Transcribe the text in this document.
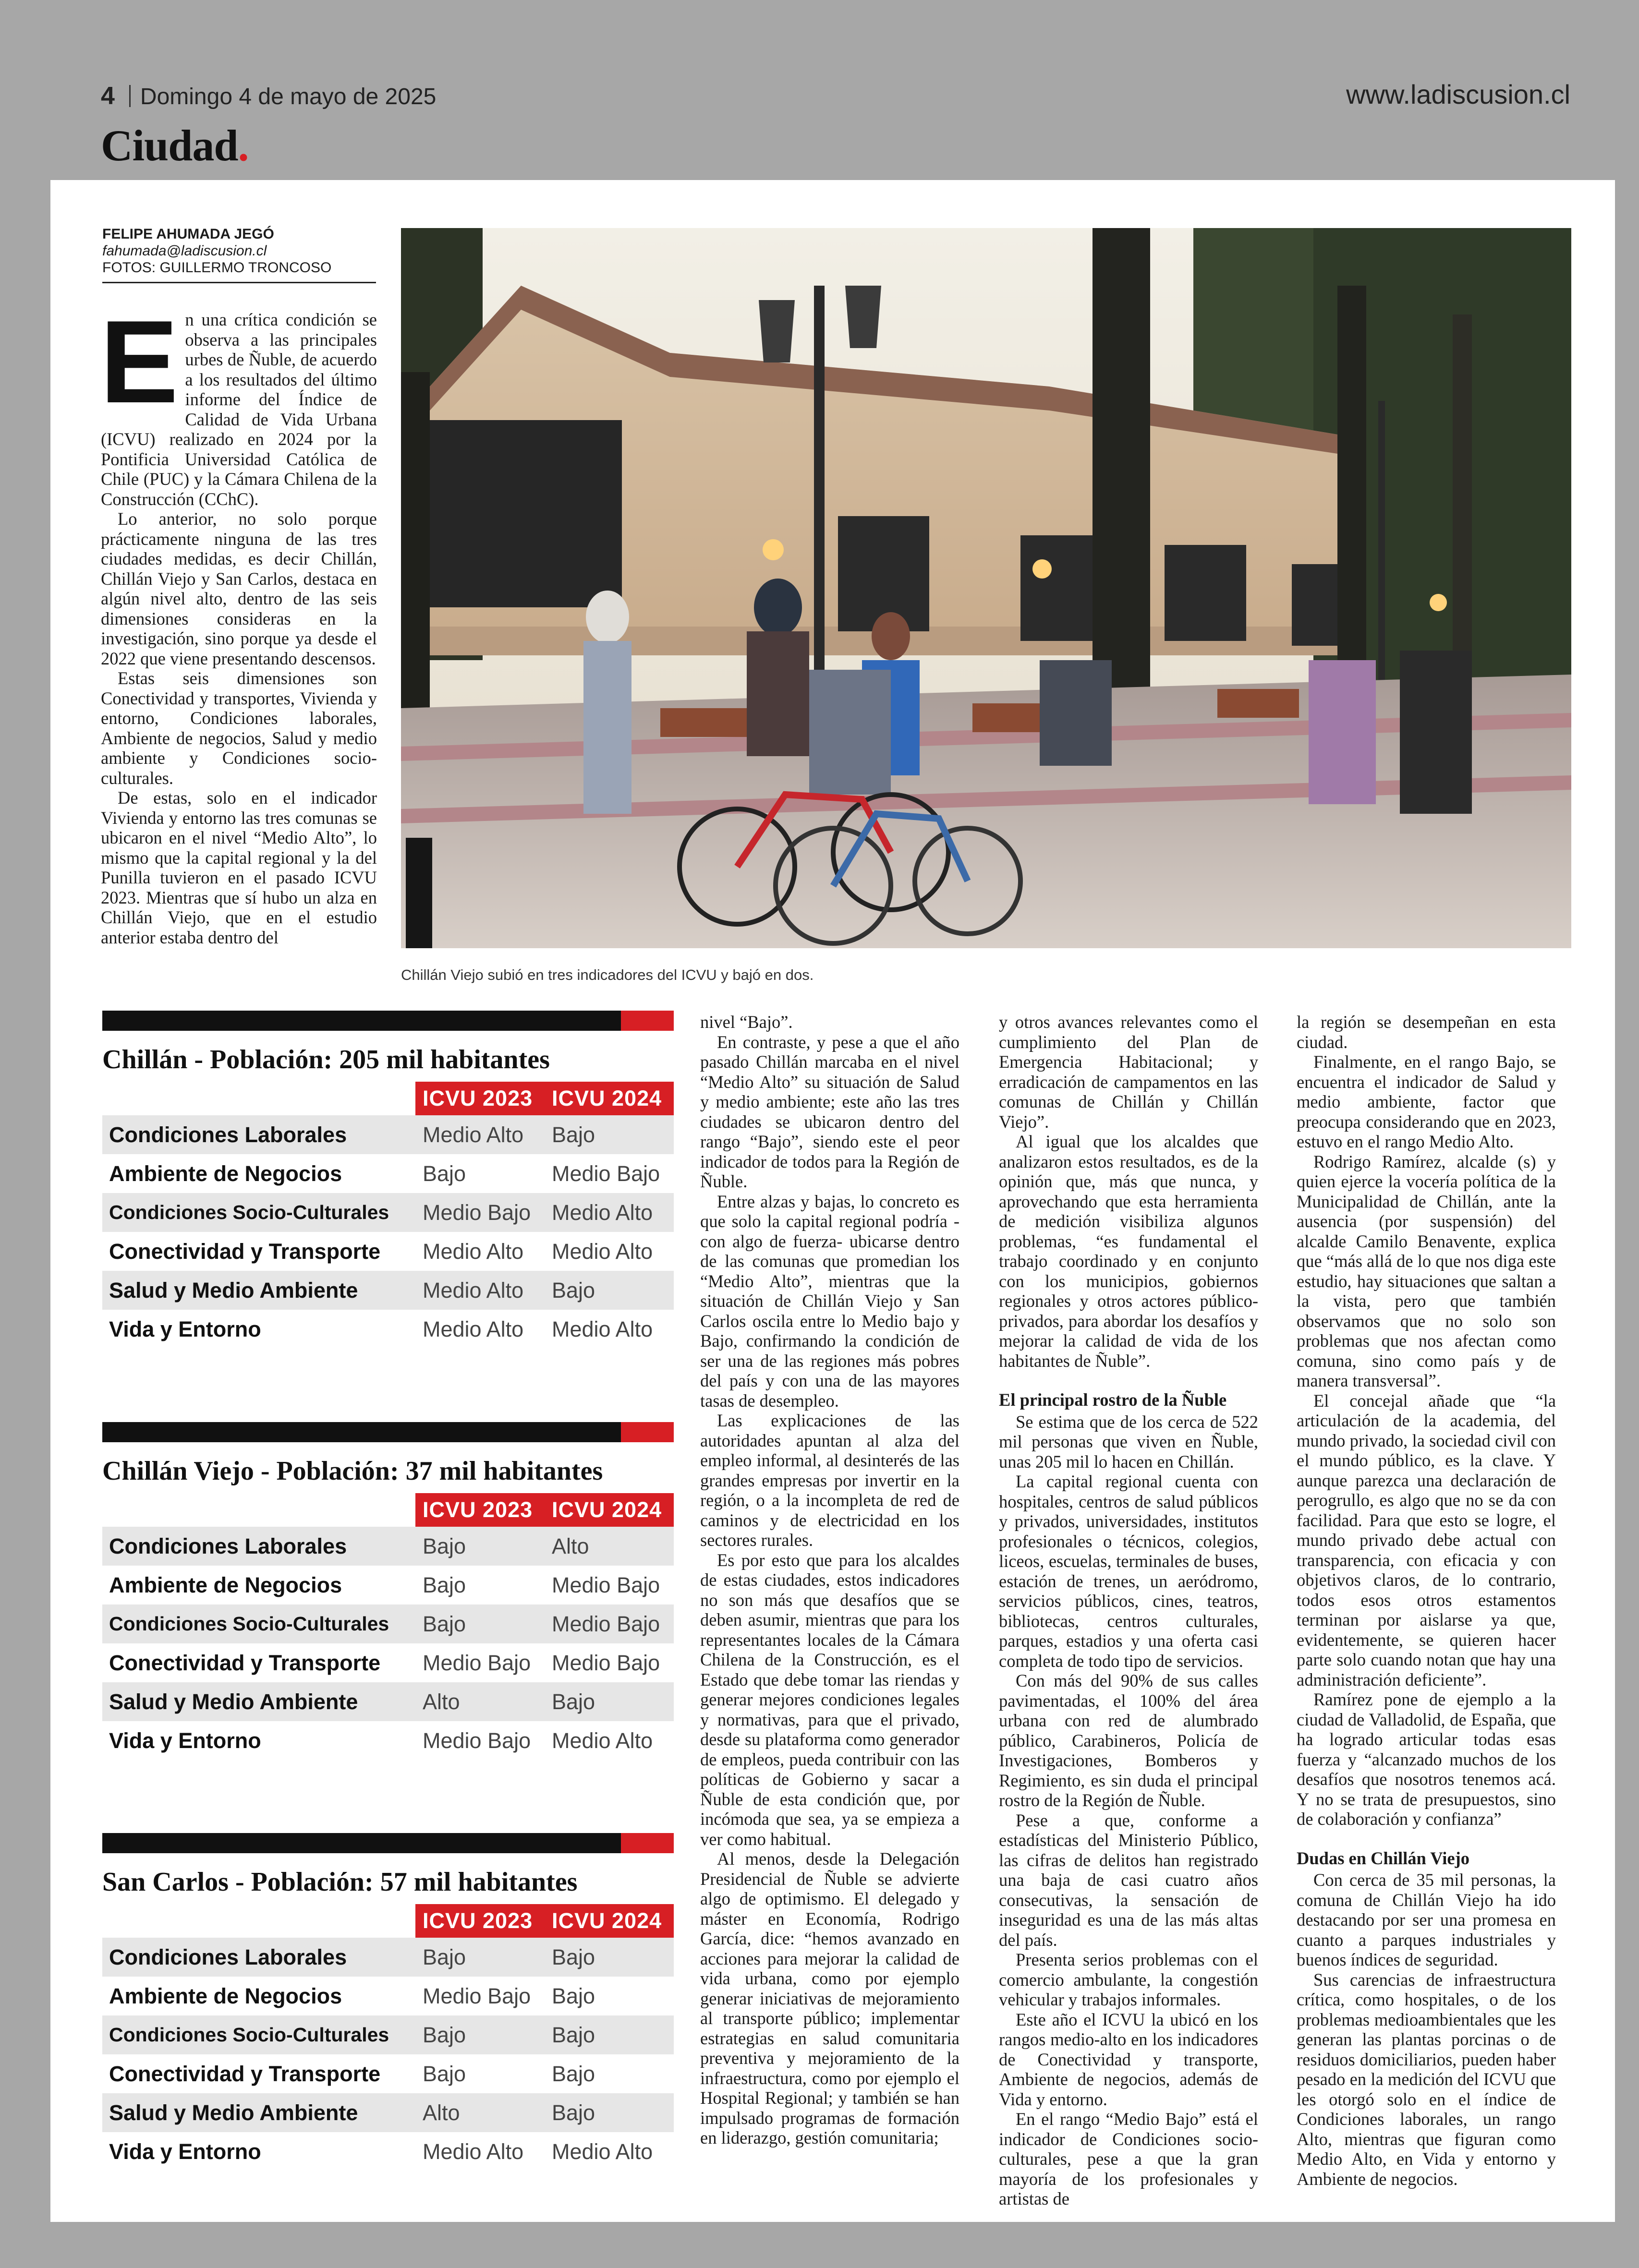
4 Domingo 4 de mayo de 2025	www.ladiscusion.cl
Ciudad.
FELIPE AHUMADA JEGÓ
fahumada@ladiscusion.cl
FOTOS: GUILLERMO TRONCOSO

En una crítica condición se observa a las principales urbes de Ñuble, de acuerdo a los resultados del último informe del Índice de Calidad de Vida Urbana (ICVU) realizado en 2024 por la Pontificia Universidad Católica de Chile (PUC) y la Cámara Chilena de la Construcción (CChC).

Lo anterior, no solo porque prácticamente ninguna de las tres ciudades medidas, es decir Chillán, Chillán Viejo y San Carlos, destaca en algún nivel alto, dentro de las seis dimensiones consideras en la investigación, sino porque ya desde el 2022 que viene presentando descensos.

Estas seis dimensiones son Conectividad y transportes, Vivienda y entorno, Condiciones laborales, Ambiente de negocios, Salud y medio ambiente y Condiciones socio-culturales.

De estas, solo en el indicador Vivienda y entorno las tres comunas se ubicaron en el nivel “Medio Alto”, lo mismo que la capital regional y la del Punilla tuvieron en el pasado ICVU 2023. Mientras que sí hubo un alza en Chillán Viejo, que en el estudio anterior estaba dentro del

Chillán Viejo subió en tres indicadores del ICVU y bajó en dos.
Chillán - Población: 205 mil habitantes
ICVU 2023 ICVU 2024
Condiciones Laborales	Medio Alto	Bajo
Ambiente de Negocios	Bajo	Medio Bajo
Condiciones Socio-Culturales	Medio Bajo Medio Alto
Conectividad y Transporte	Medio Alto	Medio Alto
Salud y Medio Ambiente	Medio Alto	Bajo
Vida y Entorno	Medio Alto	Medio Alto
Chillán Viejo - Población: 37 mil habitantes
ICVU 2023 ICVU 2024
Condiciones Laborales	Bajo	Alto
Ambiente de Negocios	Bajo	Medio Bajo
Condiciones Socio-Culturales	Bajo	Medio Bajo
Conectividad y Transporte	Medio Bajo Medio Bajo
Salud y Medio Ambiente	Alto	Bajo
Vida y Entorno	Medio Bajo Medio Alto
San Carlos - Población: 57 mil habitantes
ICVU 2023 ICVU 2024
Condiciones Laborales	Bajo	Bajo
Ambiente de Negocios	Medio Bajo Bajo
Condiciones Socio-Culturales	Bajo	Bajo
Conectividad y Transporte	Bajo	Bajo
Salud y Medio Ambiente	Alto	Bajo
Vida y Entorno	Medio Alto	Medio Alto

nivel “Bajo”.

En contraste, y pese a que el año pasado Chillán marcaba en el nivel “Medio Alto” su situación de Salud y medio ambiente; este año las tres ciudades se ubicaron dentro del rango “Bajo”, siendo este el peor indicador de todos para la Región de Ñuble.

Entre alzas y bajas, lo concreto es que solo la capital regional podría -con algo de fuerza- ubicarse dentro de las comunas que promedian los “Medio Alto”, mientras que la situación de Chillán Viejo y San Carlos oscila entre lo Medio bajo y Bajo, confirmando la condición de ser una de las regiones más pobres del país y con una de las mayores tasas de desempleo.

Las explicaciones de las autoridades apuntan al alza del empleo informal, al desinterés de las grandes empresas por invertir en la región, o a la incompleta de red de caminos y de electricidad en los sectores rurales.

Es por esto que para los alcaldes de estas ciudades, estos indicadores no son más que desafíos que se deben asumir, mientras que para los representantes locales de la Cámara Chilena de la Construcción, es el Estado que debe tomar las riendas y generar mejores condiciones legales y normativas, para que el privado, desde su plataforma como generador de empleos, pueda contribuir con las políticas de Gobierno y sacar a Ñuble de esta condición que, por incómoda que sea, ya se empieza a ver como habitual.

Al menos, desde la Delegación Presidencial de Ñuble se advierte algo de optimismo. El delegado y máster en Economía, Rodrigo García, dice: “hemos avanzado en acciones para mejorar la calidad de vida urbana, como por ejemplo generar iniciativas de mejoramiento al transporte público; implementar estrategias en salud comunitaria preventiva y mejoramiento de la infraestructura, como por ejemplo el Hospital Regional; y también se han impulsado programas de formación en liderazgo, gestión comunitaria;

y otros avances relevantes como el cumplimiento del Plan de Emergencia Habitacional; y erradicación de campamentos en las comunas de Chillán y Chillán Viejo”.

Al igual que los alcaldes que analizaron estos resultados, es de la opinión que, más que nunca, y aprovechando que esta herramienta de medición visibiliza algunos problemas, “es fundamental el trabajo coordinado y en conjunto con los municipios, gobiernos regionales y otros actores público-privados, para abordar los desafíos y mejorar la calidad de vida de los habitantes de Ñuble”.

El principal rostro de la Ñuble

Se estima que de los cerca de 522 mil personas que viven en Ñuble, unas 205 mil lo hacen en Chillán.

La capital regional cuenta con hospitales, centros de salud públicos y privados, universidades, institutos profesionales o técnicos, colegios, liceos, escuelas, terminales de buses, estación de trenes, un aeródromo, servicios públicos, cines, teatros, bibliotecas, centros culturales, parques, estadios y una oferta casi completa de todo tipo de servicios.

Con más del 90% de sus calles pavimentadas, el 100% del área urbana con red de alumbrado público, Carabineros, Policía de Investigaciones, Bomberos y Regimiento, es sin duda el principal rostro de la Región de Ñuble.

Pese a que, conforme a estadísticas del Ministerio Público, las cifras de delitos han registrado una baja de casi cuatro años consecutivas, la sensación de inseguridad es una de las más altas del país.

Presenta serios problemas con el comercio ambulante, la congestión vehicular y trabajos informales.

Este año el ICVU la ubicó en los rangos medio-alto en los indicadores de Conectividad y transporte, Ambiente de negocios, además de Vida y entorno.

En el rango “Medio Bajo” está el indicador de Condiciones socio-culturales, pese a que la gran mayoría de los profesionales y artistas de

la región se desempeñan en esta ciudad.

Finalmente, en el rango Bajo, se encuentra el indicador de Salud y medio ambiente, factor que preocupa considerando que en 2023, estuvo en el rango Medio Alto.

Rodrigo Ramírez, alcalde (s) y quien ejerce la vocería política de la Municipalidad de Chillán, ante la ausencia (por suspensión) del alcalde Camilo Benavente, explica que “más allá de lo que nos diga este estudio, hay situaciones que saltan a la vista, pero que también observamos que no solo son problemas que nos afectan como comuna, sino como país y de manera transversal”.

El concejal añade que “la articulación de la academia, del mundo privado, la sociedad civil con el mundo público, es la clave. Y aunque parezca una declaración de perogrullo, es algo que no se da con facilidad. Para que esto se logre, el mundo privado debe actual con transparencia, con eficacia y con objetivos claros, de lo contrario, todos esos otros estamentos terminan por aislarse ya que, evidentemente, se quieren hacer parte solo cuando notan que hay una administración deficiente”.

Ramírez pone de ejemplo a la ciudad de Valladolid, de España, que ha logrado articular todas esas fuerza y “alcanzado muchos de los desafíos que nosotros tenemos acá. Y no se trata de presupuestos, sino de colaboración y confianza”

Dudas en Chillán Viejo

Con cerca de 35 mil personas, la comuna de Chillán Viejo ha ido destacando por ser una promesa en cuanto a parques industriales y buenos índices de seguridad.

Sus carencias de infraestructura crítica, como hospitales, o de los problemas medioambientales que les generan las plantas porcinas o de residuos domiciliarios, pueden haber pesado en la medición del ICVU que les otorgó solo en el índice de Condiciones laborales, un rango Alto, mientras que figuran como Medio Alto, en Vida y entorno y Ambiente de negocios.
